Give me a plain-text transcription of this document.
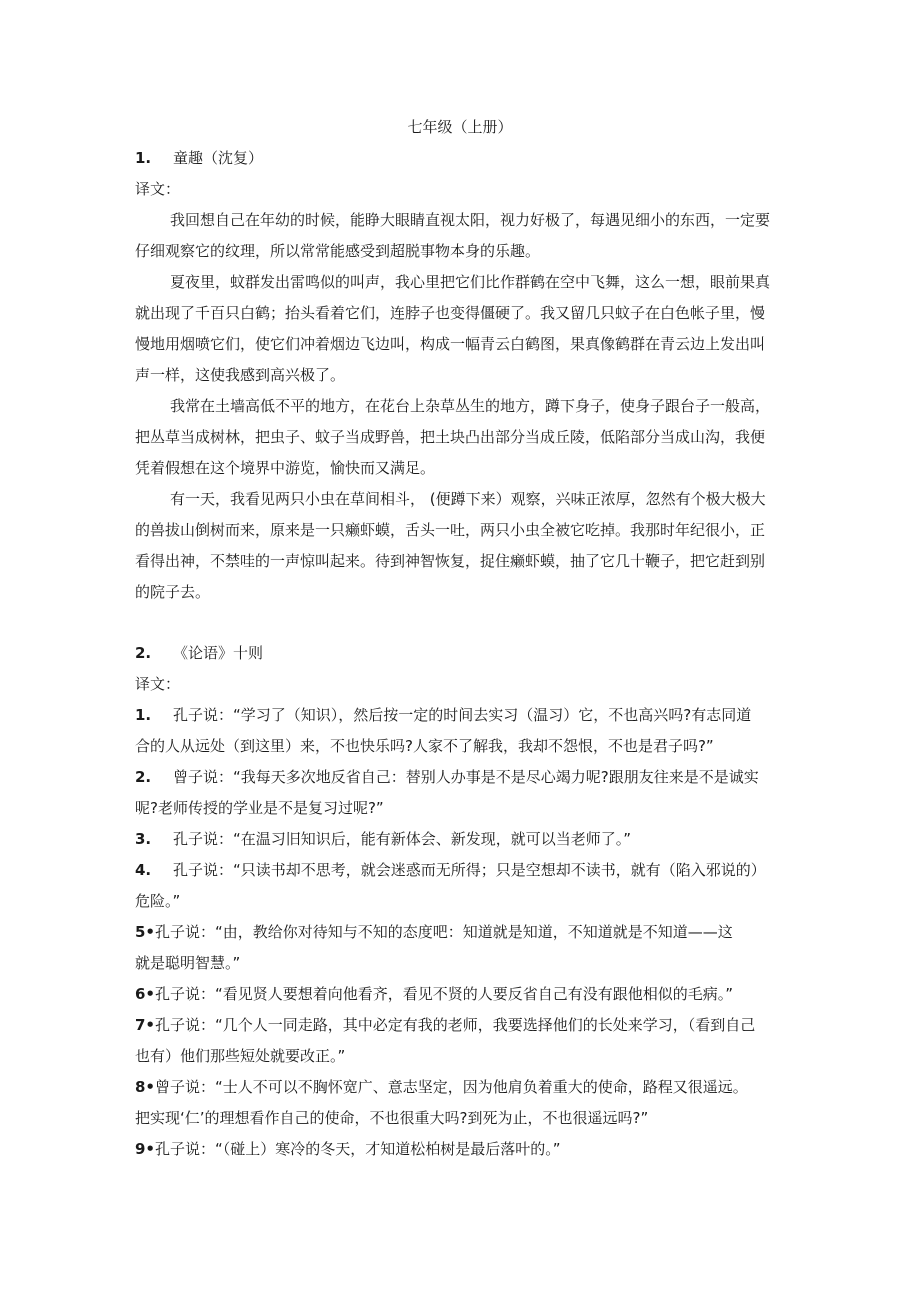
七年级（上册）
1. 童趣（沈复）
译文：
我回想自己在年幼的时候，能睁大眼睛直视太阳，视力好极了，每遇见细小的东西，一定要
仔细观察它的纹理，所以常常能感受到超脱事物本身的乐趣。
夏夜里，蚊群发出雷鸣似的叫声，我心里把它们比作群鹤在空中飞舞，这么一想，眼前果真
就出现了千百只白鹤；抬头看着它们，连脖子也变得僵硬了。我又留几只蚊子在白色帐子里，慢
慢地用烟喷它们，使它们冲着烟边飞边叫，构成一幅青云白鹤图，果真像鹤群在青云边上发出叫
声一样，这使我感到高兴极了。
我常在土墙高低不平的地方，在花台上杂草丛生的地方，蹲下身子，使身子跟台子一般高，
把丛草当成树林，把虫子、蚊子当成野兽，把土块凸出部分当成丘陵，低陷部分当成山沟，我便
凭着假想在这个境界中游览，愉快而又满足。
有一天，我看见两只小虫在草间相斗， (便蹲下来）观察，兴味正浓厚，忽然有个极大极大
的兽拔山倒树而来，原来是一只癞虾蟆，舌头一吐，两只小虫全被它吃掉。我那时年纪很小，正
看得出神，不禁哇的一声惊叫起来。待到神智恢复，捉住癞虾蟆，抽了它几十鞭子，把它赶到别
的院子去。
2. 《论语》十则
译文：
1. 孔子说：“学习了（知识），然后按一定的时间去实习（温习）它，不也高兴吗?有志同道
合的人从远处（到这里）来，不也快乐吗?人家不了解我，我却不怨恨，不也是君子吗?”
2. 曾子说：“我每天多次地反省自己：替别人办事是不是尽心竭力呢?跟朋友往来是不是诚实
呢?老师传授的学业是不是复习过呢?”
3. 孔子说：“在温习旧知识后，能有新体会、新发现，就可以当老师了。”
4. 孔子说：“只读书却不思考，就会迷惑而无所得；只是空想却不读书，就有（陷入邪说的）
危险。”
5•孔子说：“由，教给你对待知与不知的态度吧：知道就是知道，不知道就是不知道——这
就是聪明智慧。”
6•孔子说：“看见贤人要想着向他看齐，看见不贤的人要反省自己有没有跟他相似的毛病。”
7•孔子说：“几个人一同走路，其中必定有我的老师，我要选择他们的长处来学习，（看到自己
也有）他们那些短处就要改正。”
8•曾子说：“士人不可以不胸怀宽广、意志坚定，因为他肩负着重大的使命，路程又很遥远。
把实现‘仁’的理想看作自己的使命，不也很重大吗?到死为止，不也很遥远吗?”
9•孔子说：“（碰上）寒冷的冬天，才知道松柏树是最后落叶的。”
